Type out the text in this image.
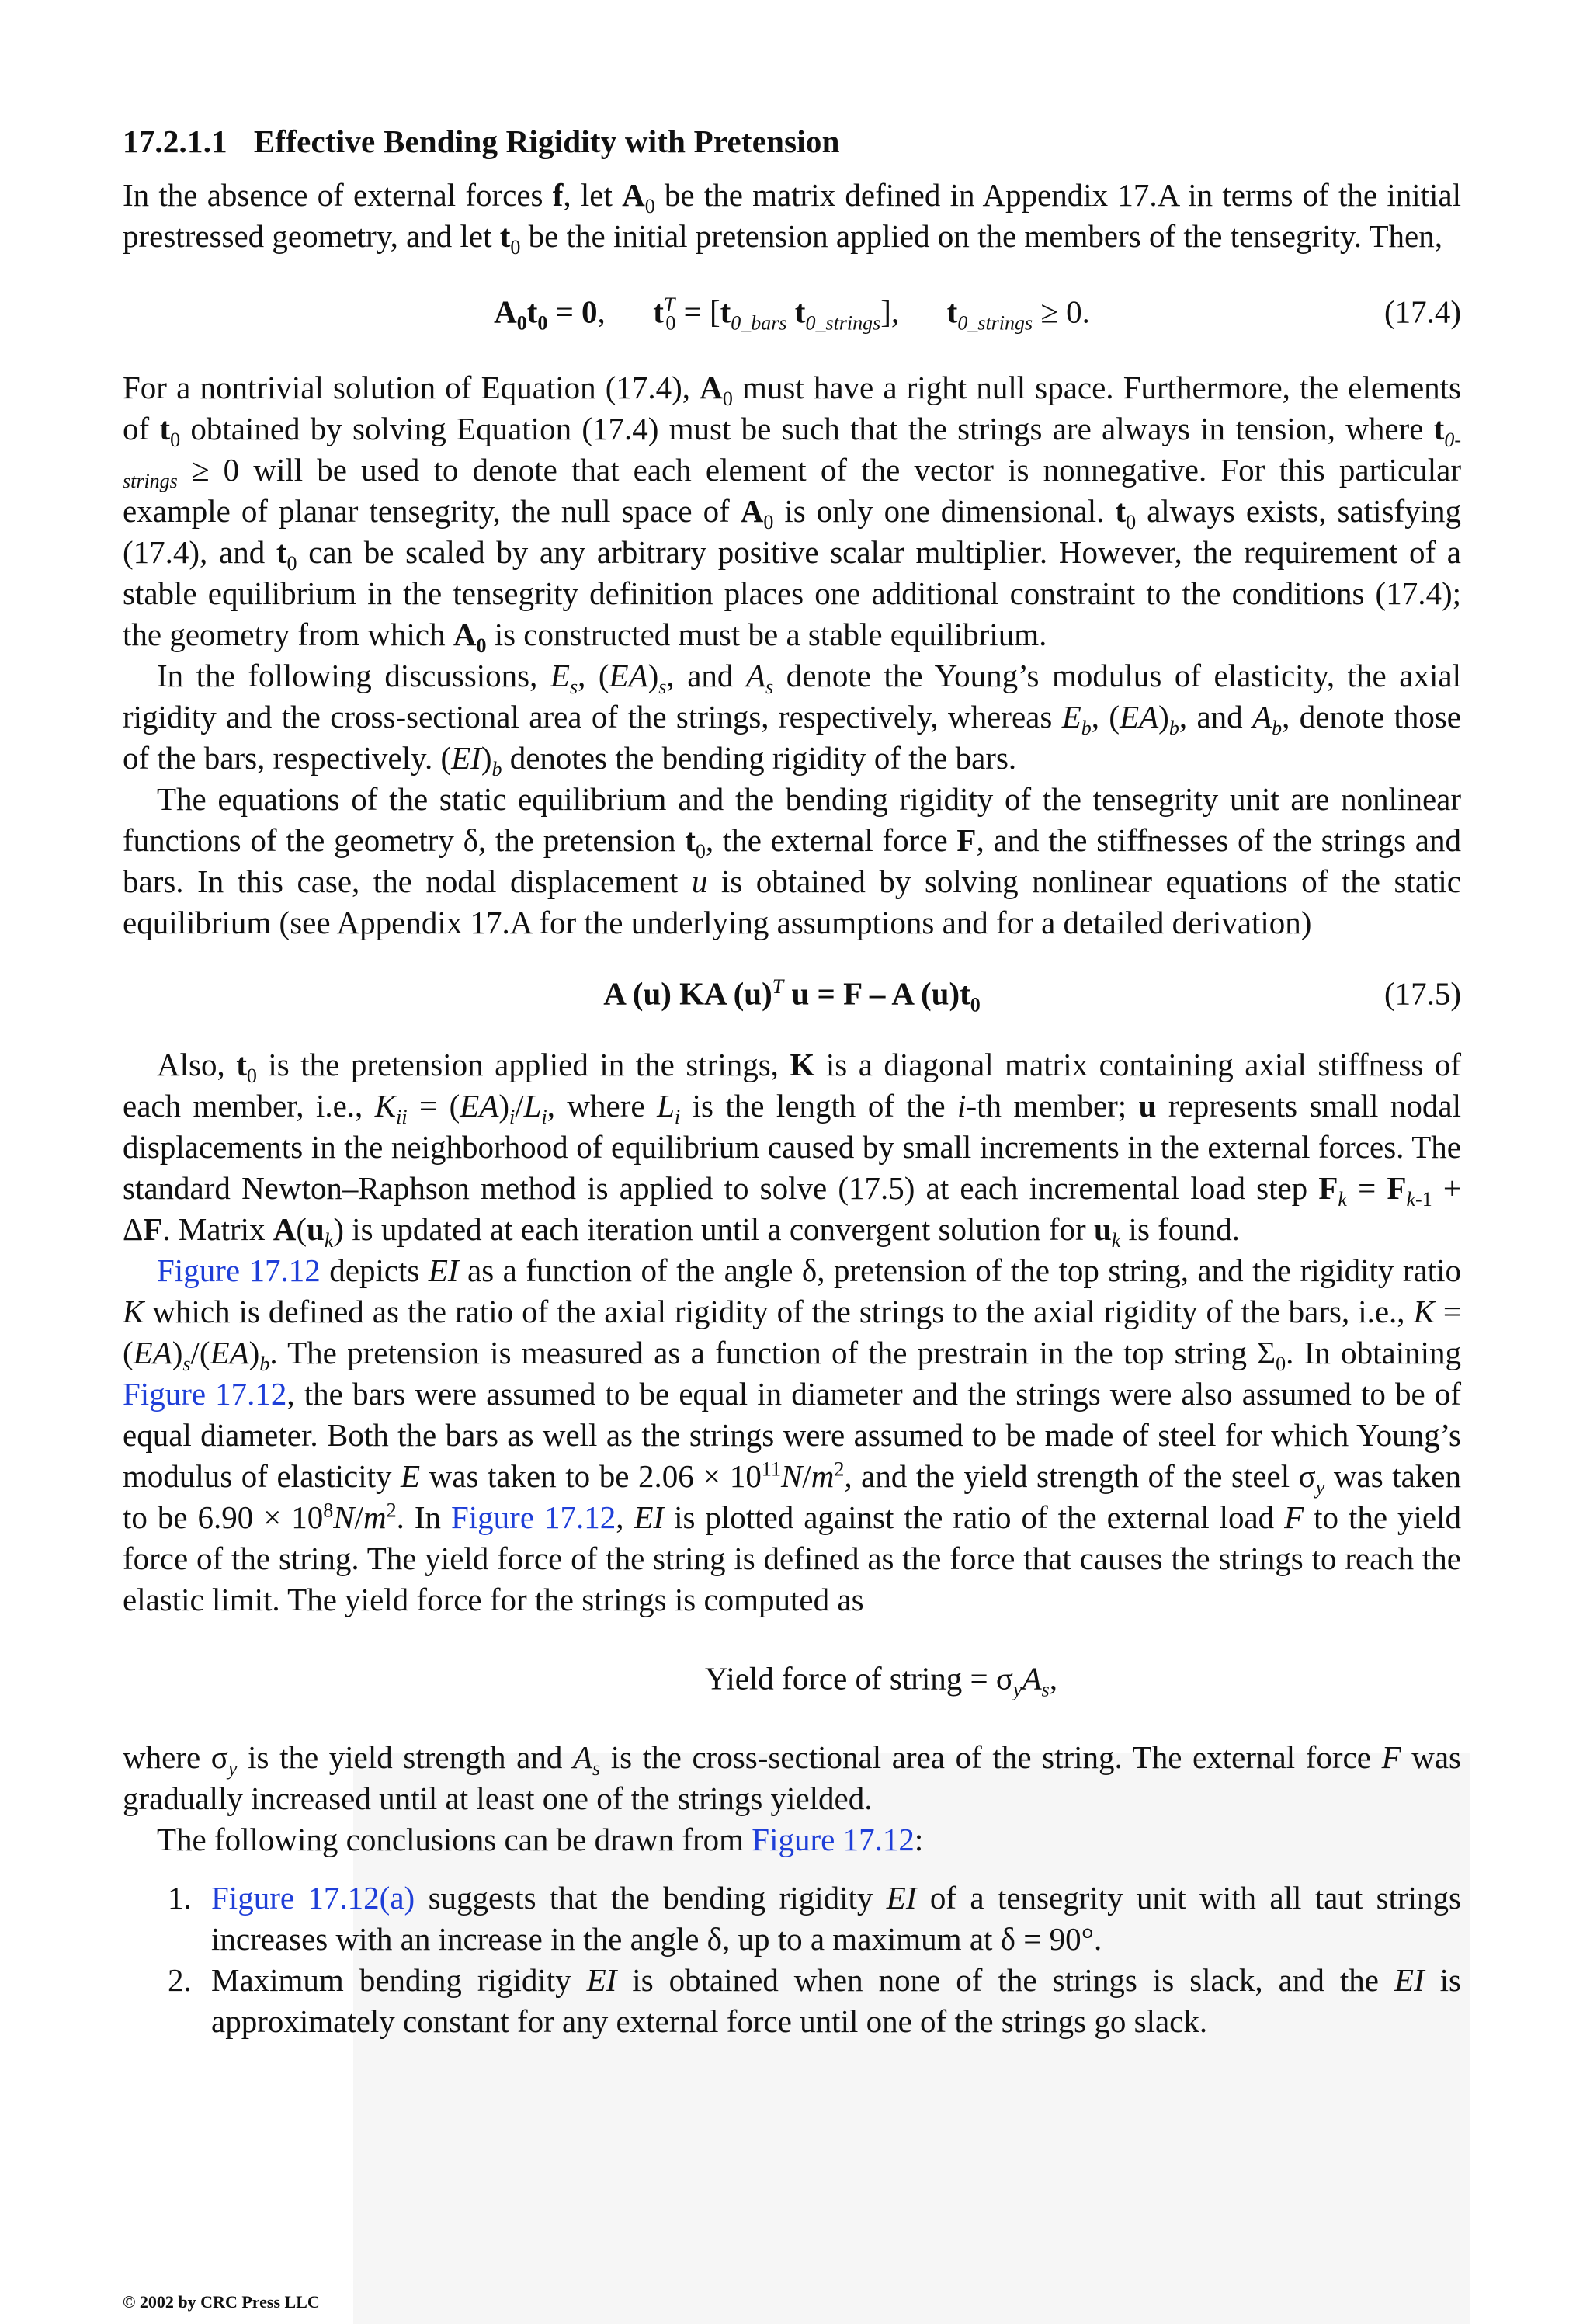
17.2.1.1 Effective Bending Rigidity with Pretension

In the absence of external forces f, let $A_0$ be the matrix defined in Appendix 17.A in terms of the initial prestressed geometry, and let $t_0$ be the initial pretension applied on the members of the tensegrity. Then,

$A_0t_0 = 0$,      $t^T_0 = [t_{0\_bars}$ $t_{0\_strings}$],      $t_{0\_strings} \ge 0$.	(17.4)

For a nontrivial solution of Equation (17.4), $A_0$ must have a right null space. Furthermore, the elements of $t_0$ obtained by solving Equation (17.4) must be such that the strings are always in tension, where $t_{0-strings} \ge 0$ will be used to denote that each element of the vector is nonnegative. For this particular example of planar tensegrity, the null space of $A_0$ is only one dimensional. $t_0$ always exists, satisfying (17.4), and $t_0$ can be scaled by any arbitrary positive scalar multiplier. However, the requirement of a stable equilibrium in the tensegrity definition places one additional constraint to the conditions (17.4); the geometry from which $A_0$ is constructed must be a stable equilibrium.

In the following discussions, $E_s$, $(EA)_s$, and $A_s$ denote the Young’s modulus of elasticity, the axial rigidity and the cross-sectional area of the strings, respectively, whereas $E_b$, $(EA)_b$, and $A_b$, denote those of the bars, respectively. $(EI)_b$ denotes the bending rigidity of the bars.

The equations of the static equilibrium and the bending rigidity of the tensegrity unit are nonlinear functions of the geometry δ, the pretension $t_0$, the external force F, and the stiffnesses of the strings and bars. In this case, the nodal displacement u is obtained by solving nonlinear equations of the static equilibrium (see Appendix 17.A for the underlying assumptions and for a detailed derivation)

A (u) KA $(u)^T$ u = F – A $(u)t_0$	(17.5)

Also, $t_0$ is the pretension applied in the strings, K is a diagonal matrix containing axial stiffness of each member, i.e., $K_{ii} = (EA)_i/L_i$, where $L_i$ is the length of the i-th member; u represents small nodal displacements in the neighborhood of equilibrium caused by small increments in the external forces. The standard Newton–Raphson method is applied to solve (17.5) at each incremental load step $F_k = F_{k-1} + \Delta F$. Matrix $A(u_k)$ is updated at each iteration until a convergent solution for $u_k$ is found.

Figure 17.12 depicts EI as a function of the angle δ, pretension of the top string, and the rigidity ratio K which is defined as the ratio of the axial rigidity of the strings to the axial rigidity of the bars, i.e., $K = (EA)_s/(EA)_b$. The pretension is measured as a function of the prestrain in the top string $\Sigma_0$. In obtaining Figure 17.12, the bars were assumed to be equal in diameter and the strings were also assumed to be of equal diameter. Both the bars as well as the strings were assumed to be made of steel for which Young’s modulus of elasticity E was taken to be $2.06 \times 10^{11}N/m^2$, and the yield strength of the steel $\sigma_y$ was taken to be $6.90 \times 10^8N/m^2$. In Figure 17.12, EI is plotted against the ratio of the external load F to the yield force of the string. The yield force of the string is defined as the force that causes the strings to reach the elastic limit. The yield force for the strings is computed as

Yield force of string = $\sigma_yA_s$,

where $\sigma_y$ is the yield strength and $A_s$ is the cross-sectional area of the string. The external force F was gradually increased until at least one of the strings yielded.

The following conclusions can be drawn from Figure 17.12:

1. Figure 17.12(a) suggests that the bending rigidity EI of a tensegrity unit with all taut strings increases with an increase in the angle δ, up to a maximum at δ = 90°.
2. Maximum bending rigidity EI is obtained when none of the strings is slack, and the EI is approximately constant for any external force until one of the strings go slack.
© 2002 by CRC Press LLC
